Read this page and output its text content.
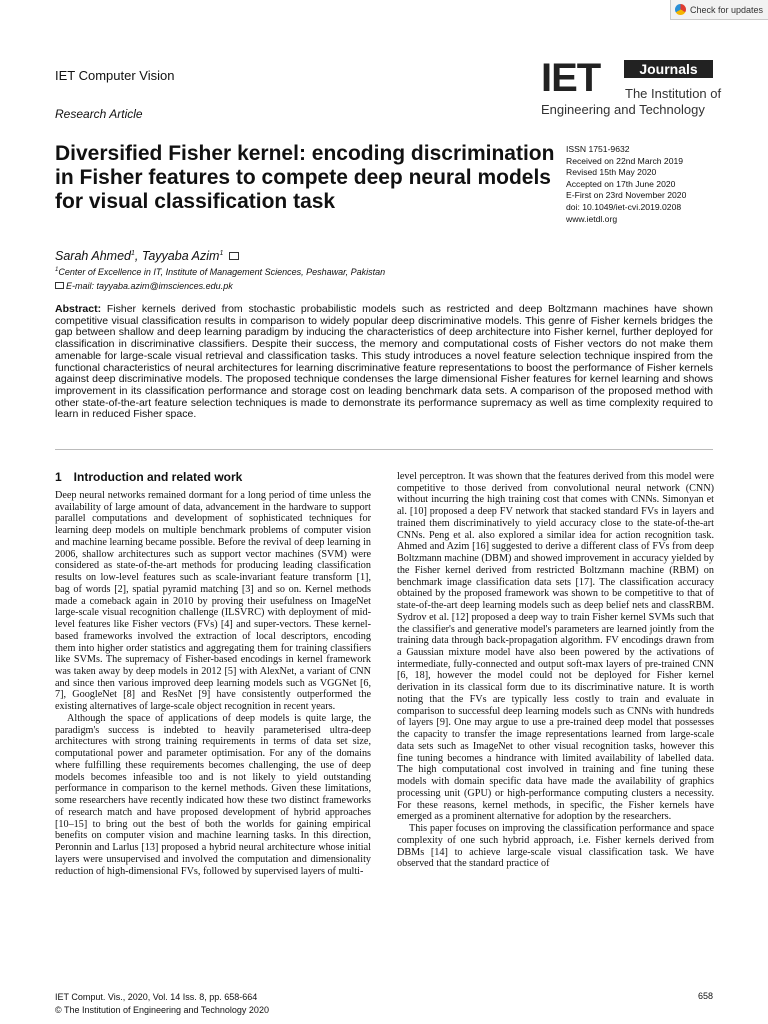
Check for updates
IET Computer Vision
Research Article
IET	Journals
The Institution of
Engineering and Technology
Diversified Fisher kernel: encoding discrimination in Fisher features to compete deep neural models for visual classification task
ISSN 1751-9632
Received on 22nd March 2019
Revised 15th May 2020
Accepted on 17th June 2020
E-First on 23rd November 2020
doi: 10.1049/iet-cvi.2019.0208
www.ietdl.org
Sarah Ahmed$^1$, Tayyaba Azim$^1$
$^1$Center of Excellence in IT, Institute of Management Sciences, Peshawar, Pakistan
E-mail: tayyaba.azim@imsciences.edu.pk
Abstract: Fisher kernels derived from stochastic probabilistic models such as restricted and deep Boltzmann machines have shown competitive visual classification results in comparison to widely popular deep discriminative models. This genre of Fisher kernels bridges the gap between shallow and deep learning paradigm by inducing the characteristics of deep architecture into Fisher kernel, further deployed for classification in discriminative classifiers. Despite their success, the memory and computational costs of Fisher vectors do not make them amenable for large-scale visual retrieval and classification tasks. This study introduces a novel feature selection technique inspired from the functional characteristics of neural architectures for learning discriminative feature representations to boost the performance of Fisher kernels against deep discriminative models. The proposed technique condenses the large dimensional Fisher features for kernel learning and shows improvement in its classification performance and storage cost on leading benchmark data sets. A comparison of the proposed method with other state-of-the-art feature selection techniques is made to demonstrate its performance supremacy as well as time complexity required to learn in reduced Fisher space.
1  Introduction and related work

Deep neural networks remained dormant for a long period of time unless the availability of large amount of data, advancement in the hardware to support parallel computations and development of sophisticated techniques for learning deep models on multiple benchmark problems of computer vision and machine learning became possible. Before the revival of deep learning in 2006, shallow architectures such as support vector machines (SVM) were considered as state-of-the-art methods for producing leading classification results on low-level features such as scale-invariant feature transform [1], bag of words [2], spatial pyramid matching [3] and so on. Kernel methods made a comeback again in 2010 by proving their usefulness on ImageNet large-scale visual recognition challenge (ILSVRC) with deployment of mid-level features like Fisher vectors (FVs) [4] and super-vectors. These kernel-based frameworks involved the extraction of local descriptors, encoding them into higher order statistics and aggregating them for training classifiers like SVMs. The supremacy of Fisher-based encodings in kernel framework was taken away by deep models in 2012 [5] with AlexNet, a variant of CNN and since then various improved deep learning models such as VGGNet [6, 7], GoogleNet [8] and ResNet [9] have consistently outperformed the existing alternatives of large-scale object recognition in recent years.

Although the space of applications of deep models is quite large, the paradigm's success is indebted to heavily parameterised ultra-deep architectures with strong training requirements in terms of data set size, computational power and parameter optimisation. For any of the domains where fulfilling these requirements becomes challenging, the use of deep models becomes infeasible too and is not likely to yield outstanding performance in comparison to the kernel methods. Given these limitations, some researchers have recently indicated how these two distinct frameworks of research match and have proposed development of hybrid approaches [10–15] to bring out the best of both the worlds for gaining empirical benefits on computer vision and machine learning tasks. In this direction, Peronnin and Larlus [13] proposed a hybrid neural architecture whose initial layers were unsupervised and involved the computation and dimensionality reduction of high-dimensional FVs, followed by supervised layers of multi-

level perceptron. It was shown that the features derived from this model were competitive to those derived from convolutional neural network (CNN) without incurring the high training cost that comes with CNNs. Simonyan et al. [10] proposed a deep FV network that stacked standard FVs in layers and trained them discriminatively to yield accuracy close to the state-of-the-art CNNs. Peng et al. also explored a similar idea for action recognition task. Ahmed and Azim [16] suggested to derive a different class of FVs from deep Boltzmann machine (DBM) and showed improvement in accuracy yielded by the Fisher kernel derived from restricted Boltzmann machine (RBM) on benchmark image classification data sets [17]. The classification accuracy obtained by the proposed framework was shown to be competitive to that of state-of-the-art deep learning models such as deep belief nets and classRBM. Sydrov et al. [12] proposed a deep way to train Fisher kernel SVMs such that the classifier's and generative model's parameters are learned jointly from the training data through back-propagation algorithm. FV encodings drawn from a Gaussian mixture model have also been powered by the activations of intermediate, fully-connected and output soft-max layers of pre-trained CNN [6, 18], however the model could not be deployed for Fisher kernel derivation in its classical form due to its discriminative nature. It is worth noting that the FVs are typically less costly to train and evaluate in comparison to successful deep learning models such as CNNs with hundreds of layers [9]. One may argue to use a pre-trained deep model that possesses the capacity to transfer the image representations learned from large-scale data sets such as ImageNet to other visual recognition tasks, however this fine tuning becomes a hindrance with limited availability of labelled data. The high computational cost involved in training and fine tuning these models with domain specific data have made the availability of graphics processing unit (GPU) or high-performance computing clusters a necessity. For these reasons, kernel methods, in specific, the Fisher kernels have emerged as a prominent alternative for adoption by the researchers.

This paper focuses on improving the classification performance and space complexity of one such hybrid approach, i.e. Fisher kernels derived from DBMs [14] to achieve large-scale visual classification task. We have observed that the standard practice of

IET Comput. Vis., 2020, Vol. 14 Iss. 8, pp. 658-664
© The Institution of Engineering and Technology 2020
658
